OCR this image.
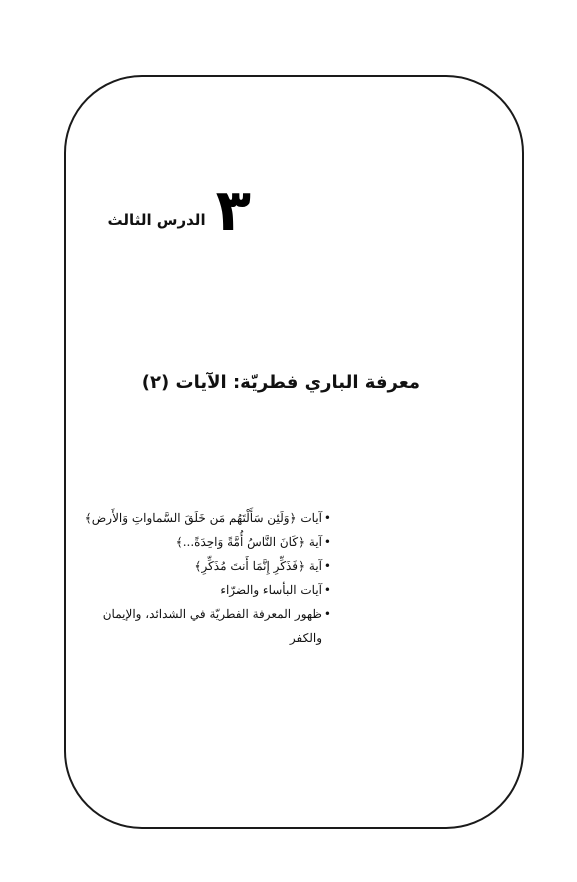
٣
الدرس الثالث
معرفة الباري فطريّة: الآيات (٢)
• آيات ﴿وَلَئِن سَأَلْتَهُم مَن خَلَقَ السَّماواتِ وَالأَرض﴾
• آية ﴿كَانَ النَّاسُ أُمَّةً وَاحِدَةً...﴾
• آية ﴿فَذَكِّرِ إِنَّمَا أَنتَ مُذَكِّرِ﴾
• آيات البأساء والضرّاء
• ظهور المعرفة الفطريّة في الشدائد، والإيمان والكفر
